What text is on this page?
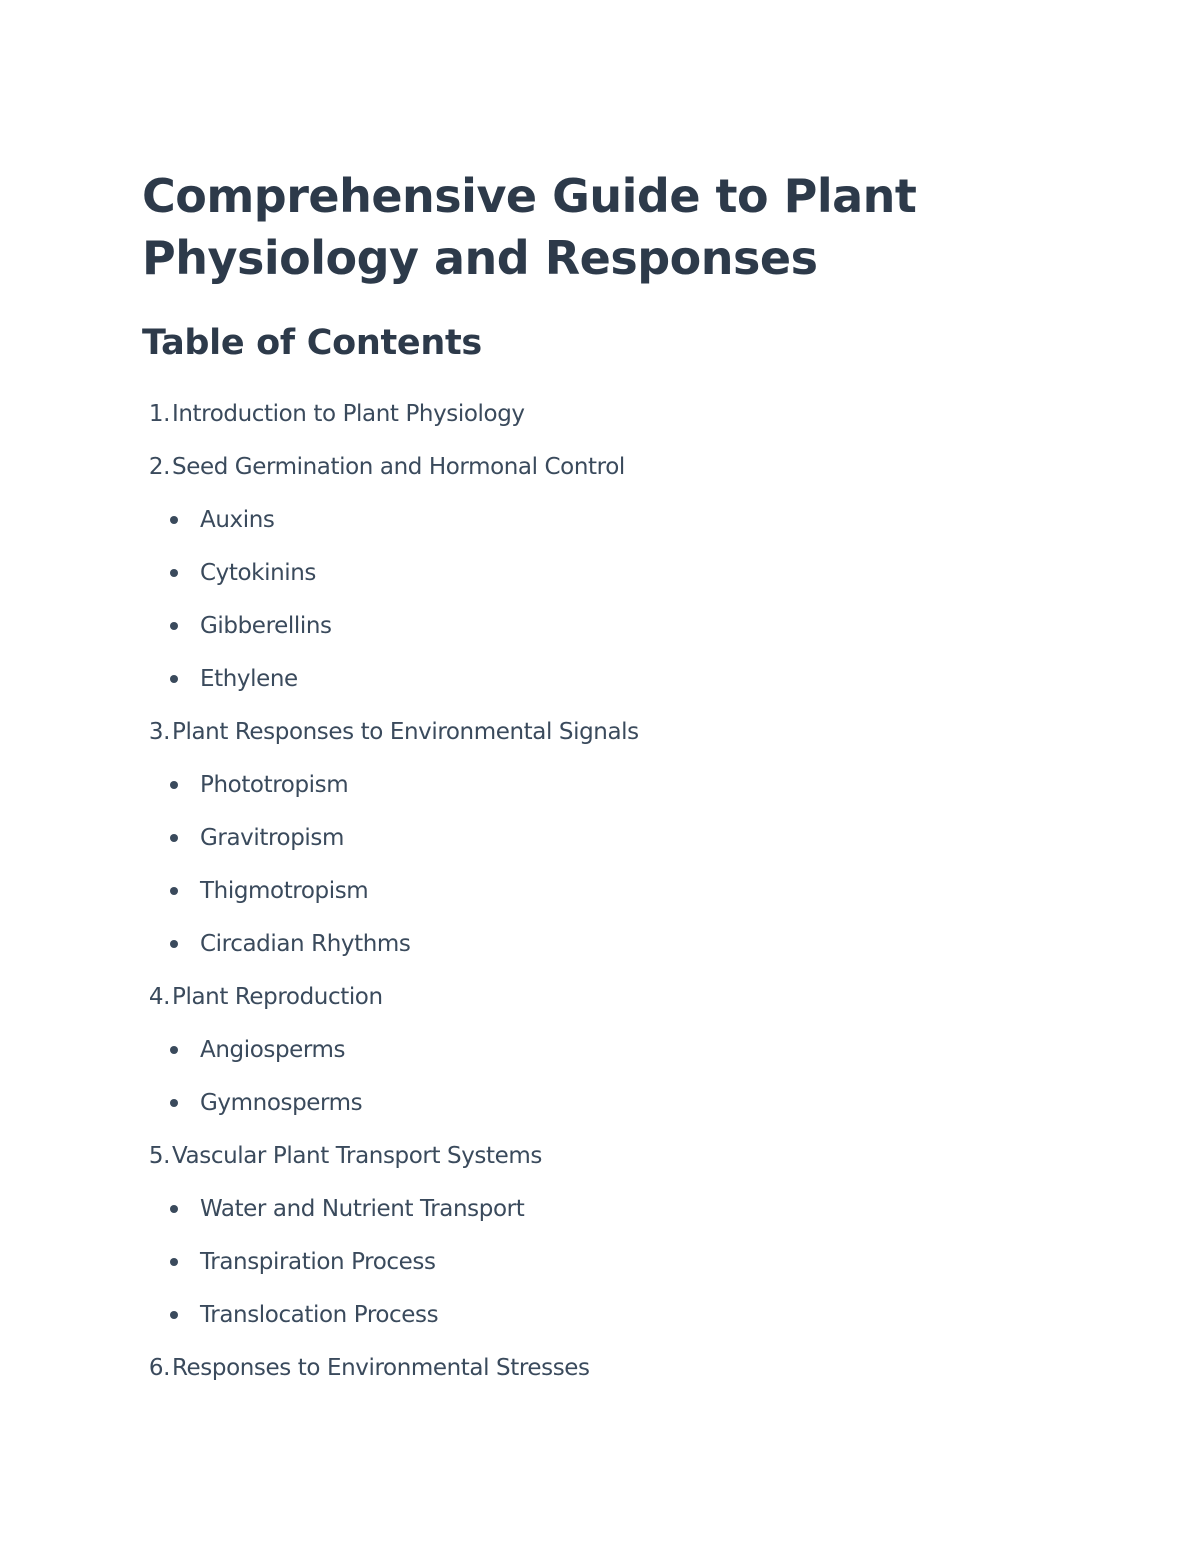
Comprehensive Guide to Plant Physiology and Responses
Table of Contents
1. Introduction to Plant Physiology
2. Seed Germination and Hormonal Control
Auxins
Cytokinins
Gibberellins
Ethylene
3. Plant Responses to Environmental Signals
Phototropism
Gravitropism
Thigmotropism
Circadian Rhythms
4. Plant Reproduction
Angiosperms
Gymnosperms
5. Vascular Plant Transport Systems
Water and Nutrient Transport
Transpiration Process
Translocation Process
6. Responses to Environmental Stresses
